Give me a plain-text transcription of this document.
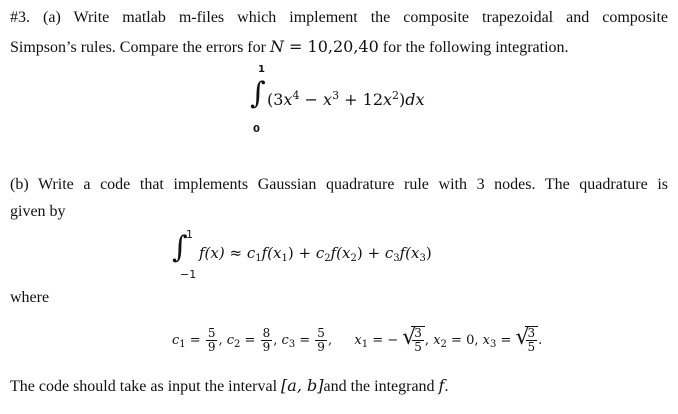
#3. (a) Write matlab m-files which implement the composite trapezoidal and composite
Simpson’s rules. Compare the errors for N = 10,20,40 for the following integration.
1
∫
0
$(3x^4 - x^3 + 12x^2)dx$
(b) Write a code that implements Gaussian quadrature rule with 3 nodes. The quadrature is
given by
∫
1
−1
$f(x) \approx c_1f(x_1) + c_2f(x_2) + c_3f(x_3)$
where
$c_1 = \frac{5}{9}$ , $c_2 = \frac{8}{9}$ , $c_3 = \frac{5}{9}$ , $x_1$ = − √
$\frac{3}{5}$ , $x_2 = 0$, $x_3$ = √
$\frac{3}{5}$ .
The code should take as input the interval [a, b]and the integrand f.
